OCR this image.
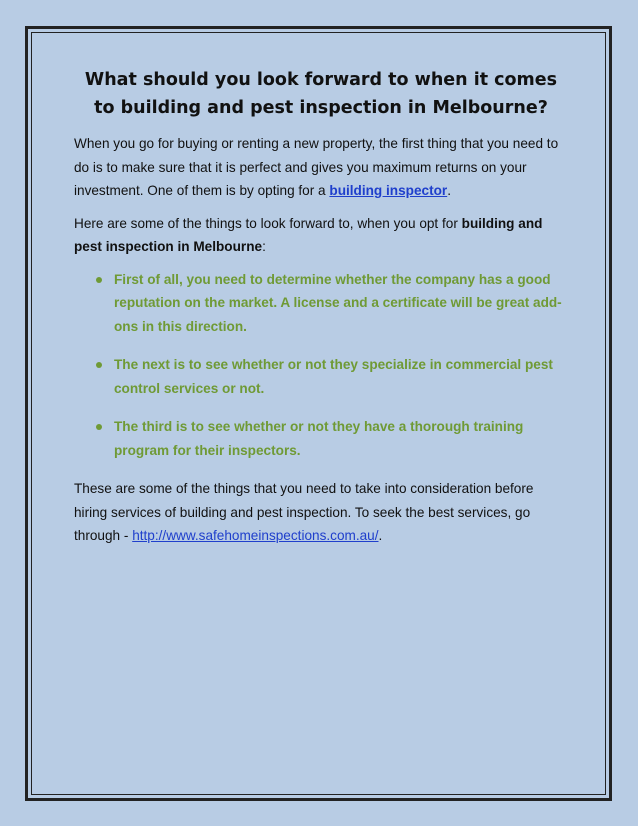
What should you look forward to when it comes to building and pest inspection in Melbourne?

When you go for buying or renting a new property, the first thing that you need to do is to make sure that it is perfect and gives you maximum returns on your investment. One of them is by opting for a building inspector.

Here are some of the things to look forward to, when you opt for building and pest inspection in Melbourne:

First of all, you need to determine whether the company has a good reputation on the market. A license and a certificate will be great add-ons in this direction.
The next is to see whether or not they specialize in commercial pest control services or not.
The third is to see whether or not they have a thorough training program for their inspectors.

These are some of the things that you need to take into consideration before hiring services of building and pest inspection. To seek the best services, go through - http://www.safehomeinspections.com.au/.
